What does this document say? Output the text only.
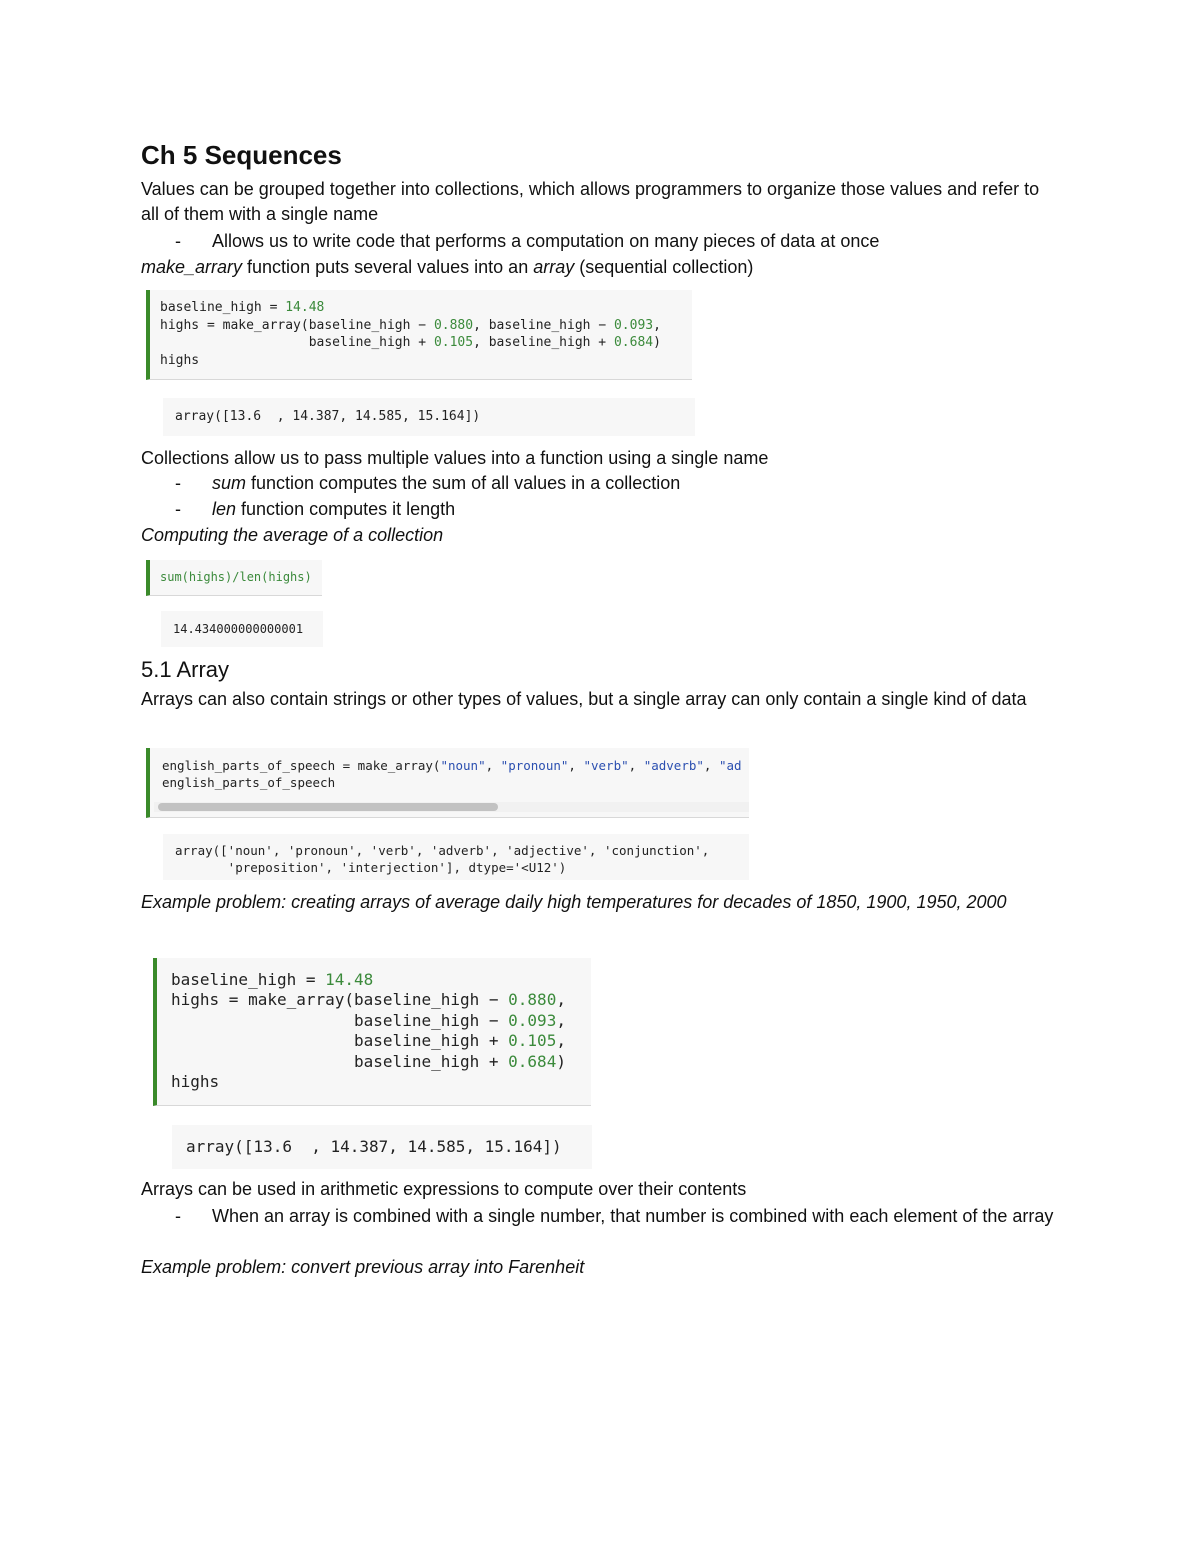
Ch 5 Sequences

Values can be grouped together into collections, which allows programmers to organize those values and refer to all of them with a single name

- Allows us to write code that performs a computation on many pieces of data at once

make_arrary function puts several values into an array (sequential collection)

baseline_high = 14.48
highs = make_array(baseline_high − 0.880, baseline_high − 0.093,
baseline_high + 0.105, baseline_high + 0.684)
highs
array([13.6  , 14.387, 14.585, 15.164])

Collections allow us to pass multiple values into a function using a single name

- sum function computes the sum of all values in a collection
- len function computes it length

Computing the average of a collection

sum(highs)/len(highs)
14.434000000000001
5.1 Array

Arrays can also contain strings or other types of values, but a single array can only contain a single kind of data

english_parts_of_speech = make_array("noun", "pronoun", "verb", "adverb", "ad
english_parts_of_speech
array(['noun', 'pronoun', 'verb', 'adverb', 'adjective', 'conjunction',
'preposition', 'interjection'], dtype='<U12')

Example problem: creating arrays of average daily high temperatures for decades of 1850, 1900, 1950, 2000

baseline_high = 14.48
highs = make_array(baseline_high − 0.880,
baseline_high − 0.093,
baseline_high + 0.105,
baseline_high + 0.684)
highs
array([13.6  , 14.387, 14.585, 15.164])

Arrays can be used in arithmetic expressions to compute over their contents

- When an array is combined with a single number, that number is combined with each element of the array

Example problem: convert previous array into Farenheit
